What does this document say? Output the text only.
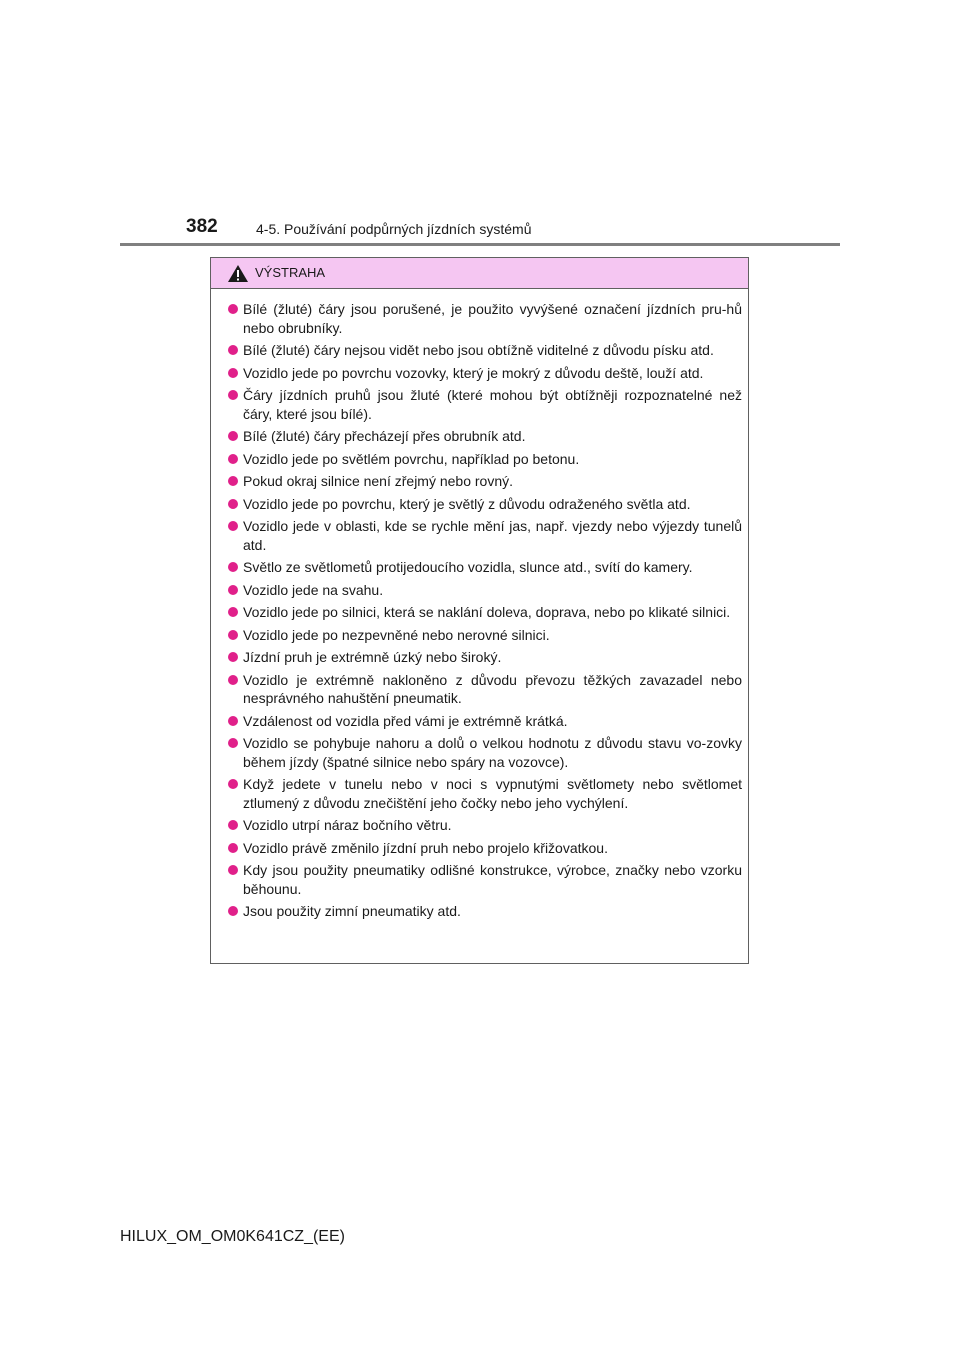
382	4-5. Používání podpůrných jízdních systémů
VÝSTRAHA
Bílé (žluté) čáry jsou porušené, je použito vyvýšené označení jízdních pru-hů nebo obrubníky.
Bílé (žluté) čáry nejsou vidět nebo jsou obtížně viditelné z důvodu písku atd.
Vozidlo jede po povrchu vozovky, který je mokrý z důvodu deště, louží atd.
Čáry jízdních pruhů jsou žluté (které mohou být obtížněji rozpoznatelné než čáry, které jsou bílé).
Bílé (žluté) čáry přecházejí přes obrubník atd.
Vozidlo jede po světlém povrchu, například po betonu.
Pokud okraj silnice není zřejmý nebo rovný.
Vozidlo jede po povrchu, který je světlý z důvodu odraženého světla atd.
Vozidlo jede v oblasti, kde se rychle mění jas, např. vjezdy nebo výjezdy tunelů atd.
Světlo ze světlometů protijedoucího vozidla, slunce atd., svítí do kamery.
Vozidlo jede na svahu.
Vozidlo jede po silnici, která se naklání doleva, doprava, nebo po klikaté silnici.
Vozidlo jede po nezpevněné nebo nerovné silnici.
Jízdní pruh je extrémně úzký nebo široký.
Vozidlo je extrémně nakloněno z důvodu převozu těžkých zavazadel nebo nesprávného nahuštění pneumatik.
Vzdálenost od vozidla před vámi je extrémně krátká.
Vozidlo se pohybuje nahoru a dolů o velkou hodnotu z důvodu stavu vo-zovky během jízdy (špatné silnice nebo spáry na vozovce).
Když jedete v tunelu nebo v noci s vypnutými světlomety nebo světlomet ztlumený z důvodu znečištění jeho čočky nebo jeho vychýlení.
Vozidlo utrpí náraz bočního větru.
Vozidlo právě změnilo jízdní pruh nebo projelo křižovatkou.
Kdy jsou použity pneumatiky odlišné konstrukce, výrobce, značky nebo vzorku běhounu.
Jsou použity zimní pneumatiky atd.
HILUX_OM_OM0K641CZ_(EE)
